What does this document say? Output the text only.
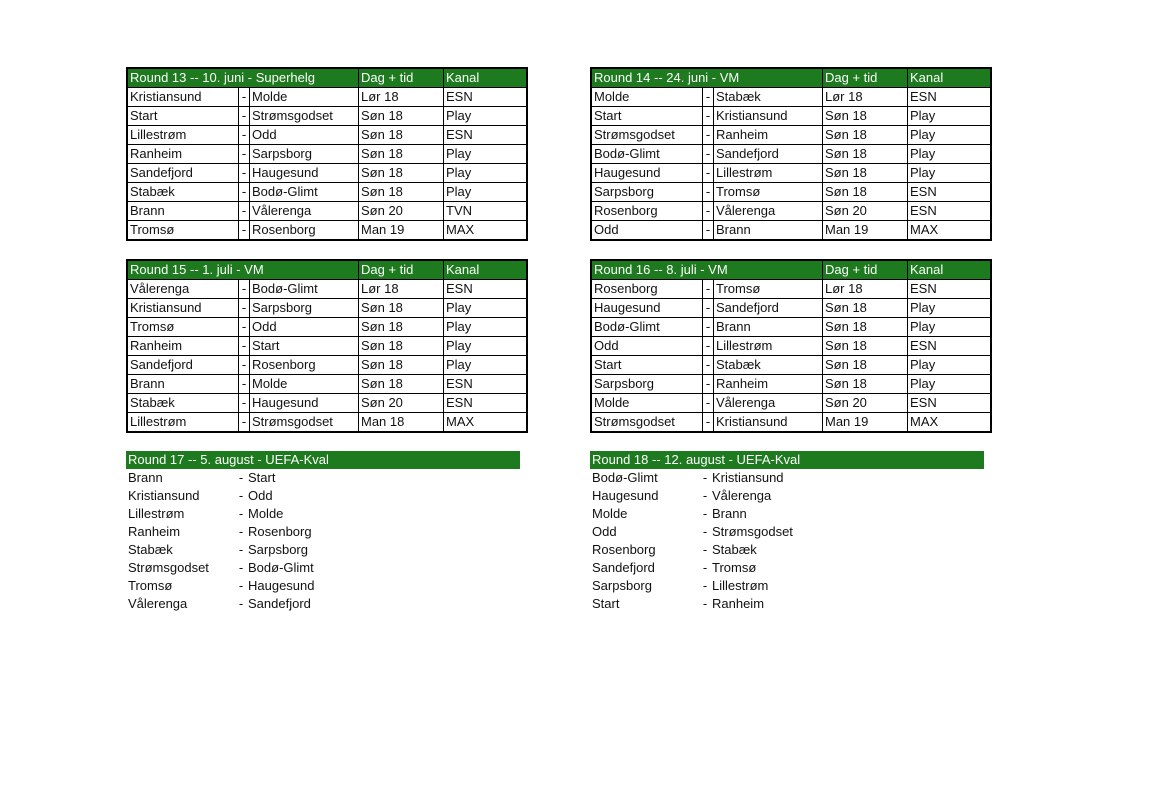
Round 13 -- 10. juni - Superhelg			Dag + tid	Kanal
Kristiansund	-	Molde	Lør 18	ESN
Start	-	Strømsgodset	Søn 18	Play
Lillestrøm	-	Odd	Søn 18	ESN
Ranheim	-	Sarpsborg	Søn 18	Play
Sandefjord	-	Haugesund	Søn 18	Play
Stabæk	-	Bodø-Glimt	Søn 18	Play
Brann	-	Vålerenga	Søn 20	TVN
Tromsø	-	Rosenborg	Man 19	MAX
Round 14 -- 24. juni - VM			Dag + tid	Kanal
Molde	-	Stabæk	Lør 18	ESN
Start	-	Kristiansund	Søn 18	Play
Strømsgodset	-	Ranheim	Søn 18	Play
Bodø-Glimt	-	Sandefjord	Søn 18	Play
Haugesund	-	Lillestrøm	Søn 18	Play
Sarpsborg	-	Tromsø	Søn 18	ESN
Rosenborg	-	Vålerenga	Søn 20	ESN
Odd	-	Brann	Man 19	MAX
Round 15 -- 1. juli - VM			Dag + tid	Kanal
Vålerenga	-	Bodø-Glimt	Lør 18	ESN
Kristiansund	-	Sarpsborg	Søn 18	Play
Tromsø	-	Odd	Søn 18	Play
Ranheim	-	Start	Søn 18	Play
Sandefjord	-	Rosenborg	Søn 18	Play
Brann	-	Molde	Søn 18	ESN
Stabæk	-	Haugesund	Søn 20	ESN
Lillestrøm	-	Strømsgodset	Man 18	MAX
Round 16 -- 8. juli - VM			Dag + tid	Kanal
Rosenborg	-	Tromsø	Lør 18	ESN
Haugesund	-	Sandefjord	Søn 18	Play
Bodø-Glimt	-	Brann	Søn 18	Play
Odd	-	Lillestrøm	Søn 18	ESN
Start	-	Stabæk	Søn 18	Play
Sarpsborg	-	Ranheim	Søn 18	Play
Molde	-	Vålerenga	Søn 20	ESN
Strømsgodset	-	Kristiansund	Man 19	MAX
Round 17 -- 5. august - UEFA-Kval				
Brann	-	Start		
Kristiansund	-	Odd		
Lillestrøm	-	Molde		
Ranheim	-	Rosenborg		
Stabæk	-	Sarpsborg		
Strømsgodset	-	Bodø-Glimt		
Tromsø	-	Haugesund		
Vålerenga	-	Sandefjord		
Round 18 -- 12. august - UEFA-Kval				
Bodø-Glimt	-	Kristiansund		
Haugesund	-	Vålerenga		
Molde	-	Brann		
Odd	-	Strømsgodset		
Rosenborg	-	Stabæk		
Sandefjord	-	Tromsø		
Sarpsborg	-	Lillestrøm		
Start	-	Ranheim		
